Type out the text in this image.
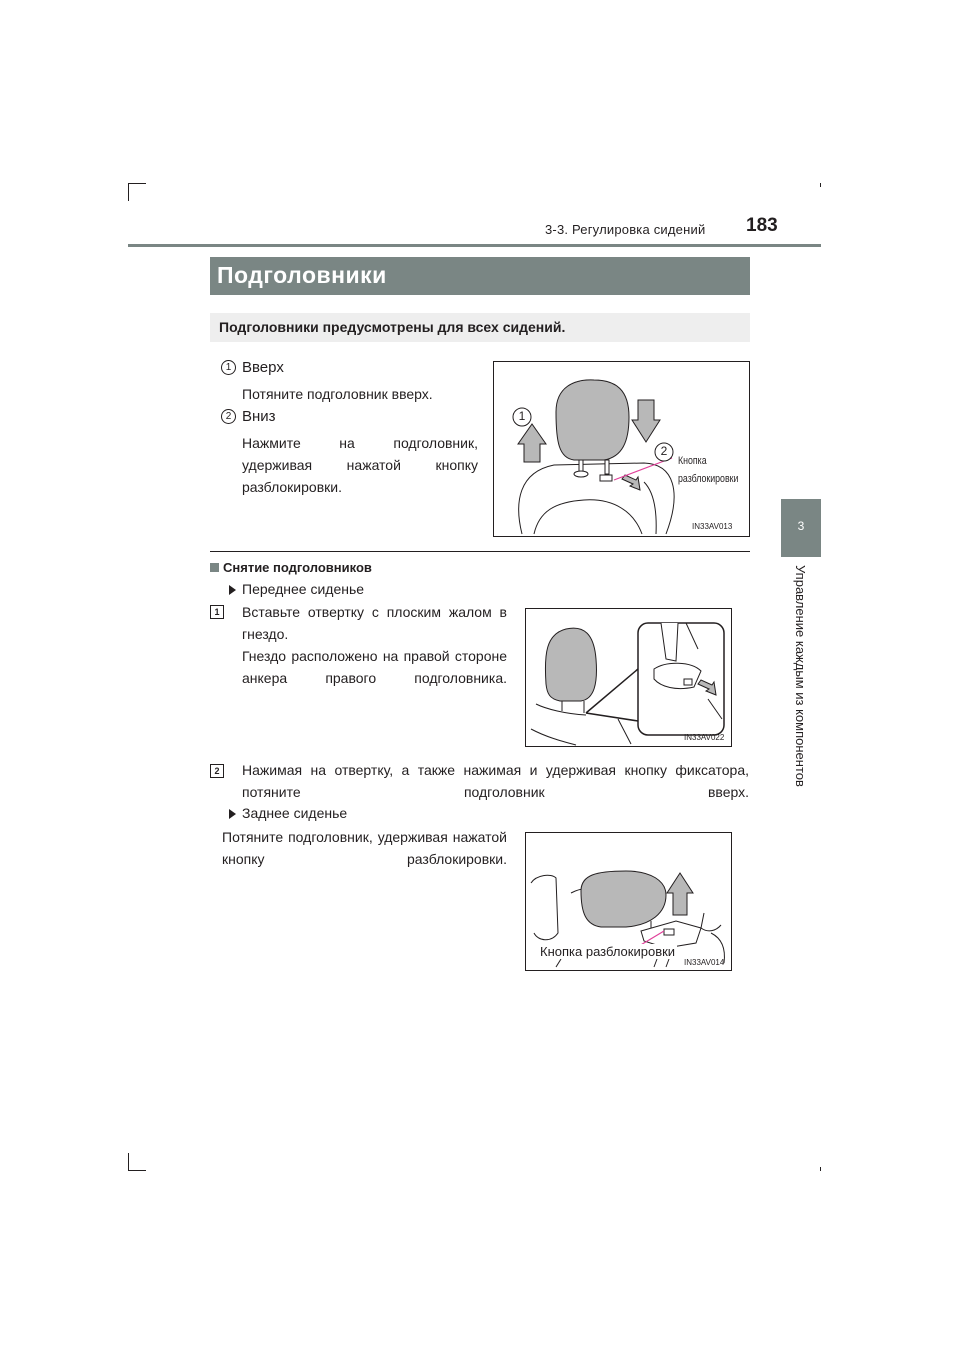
3-3. Регулировка сидений 183
3
Управление каждым из компонентов
Подголовники
Подголовники предусмотрены для всех сидений.
1 Вверх
Потяните подголовник вверх.
2 Вниз
Нажмите на подголовник, удерживая нажатой кнопку разблокировки.
1
2
Кнопка
разблокировки
IN33AV013
Снятие подголовников
Переднее сиденье
1	Вставьте отвертку с плоским жалом в гнездо.
Гнездо расположено на правой стороне анкера правого подголовника.
IN33AV022
2	Нажимая на отвертку, а также нажимая и удерживая кнопку фиксатора, потяните подголовник вверх.
Заднее сиденье
Потяните подголовник, удерживая нажатой кнопку разблокировки.
Кнопка разблокировки
IN33AV014
